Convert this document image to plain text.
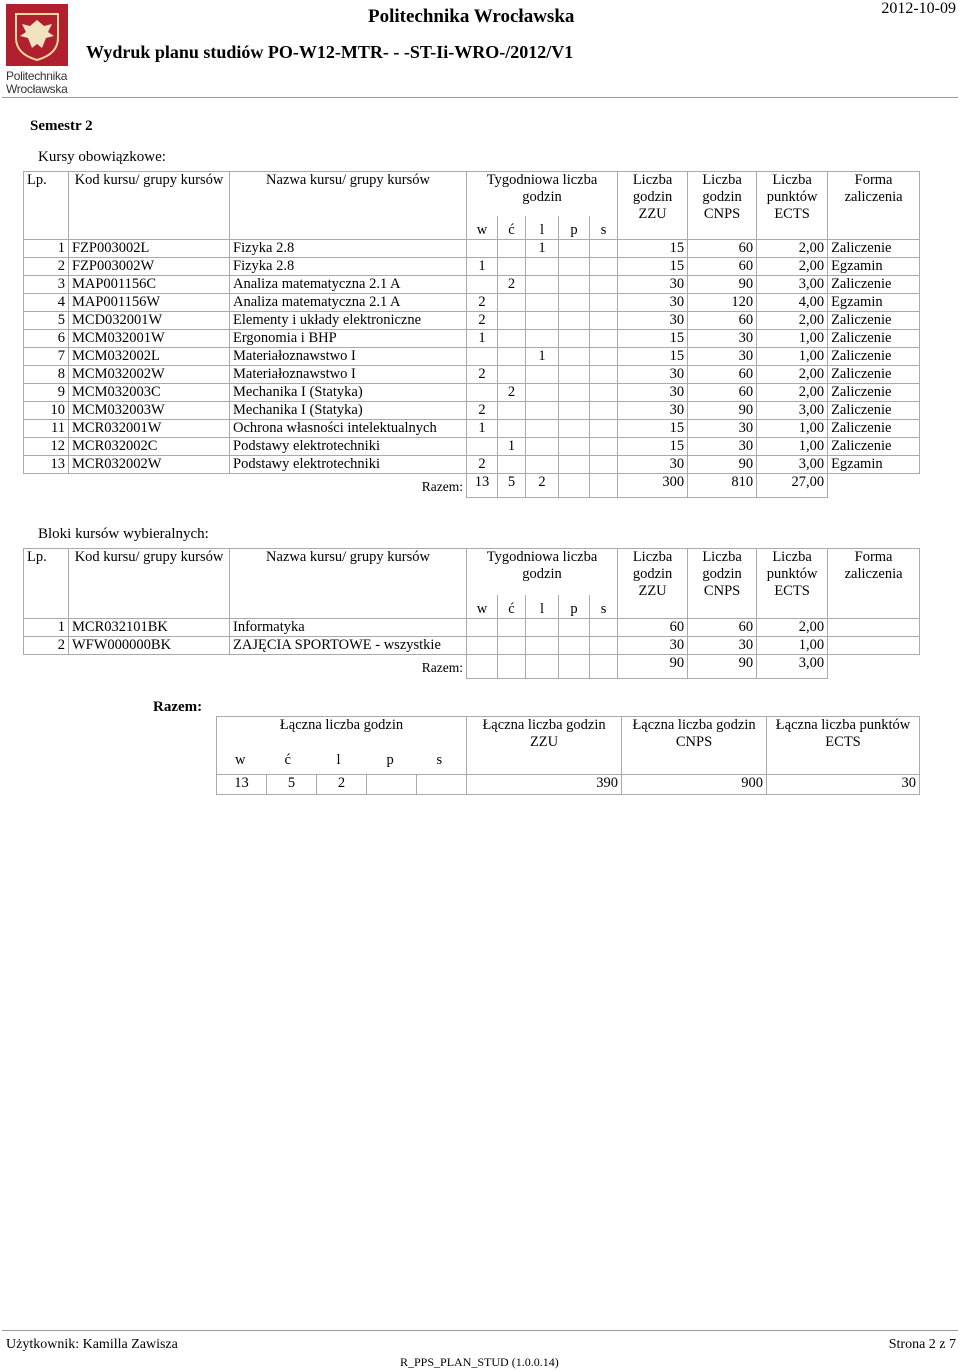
Politechnika
Wrocławska
Politechnika Wrocławska	2012-10-09
Wydruk planu studiów PO-W12-MTR- - -ST-Ii-WRO-/2012/V1
Semestr 2
Kursy obowiązkowe:
Lp.	Kod kursu/ grupy kursów	Nazwa kursu/ grupy kursów	Tygodniowa liczba godzin					Liczba godzin ZZU	Liczba godzin CNPS	Liczba punktów ECTS	Forma zaliczenia
			w	ć	l	p	s				
1	FZP003002L	Fizyka 2.8			1			15	60	2,00	Zaliczenie
2	FZP003002W	Fizyka 2.8	1					15	60	2,00	Egzamin
3	MAP001156C	Analiza matematyczna 2.1 A		2				30	90	3,00	Zaliczenie
4	MAP001156W	Analiza matematyczna 2.1 A	2					30	120	4,00	Egzamin
5	MCD032001W	Elementy i układy elektroniczne	2					30	60	2,00	Zaliczenie
6	MCM032001W	Ergonomia i BHP	1					15	30	1,00	Zaliczenie
7	MCM032002L	Materiałoznawstwo I			1			15	30	1,00	Zaliczenie
8	MCM032002W	Materiałoznawstwo I	2					30	60	2,00	Zaliczenie
9	MCM032003C	Mechanika I (Statyka)		2				30	60	2,00	Zaliczenie
10	MCM032003W	Mechanika I (Statyka)	2					30	90	3,00	Zaliczenie
11	MCR032001W	Ochrona własności intelektualnych	1					15	30	1,00	Zaliczenie
12	MCR032002C	Podstawy elektrotechniki		1				15	30	1,00	Zaliczenie
13	MCR032002W	Podstawy elektrotechniki	2					30	90	3,00	Egzamin
Razem:			13	5	2			300	810	27,00	
Bloki kursów wybieralnych:
Lp.	Kod kursu/ grupy kursów	Nazwa kursu/ grupy kursów	Tygodniowa liczba godzin					Liczba godzin ZZU	Liczba godzin CNPS	Liczba punktów ECTS	Forma zaliczenia
			w	ć	l	p	s				
1	MCR032101BK	Informatyka						60	60	2,00	
2	WFW000000BK	ZAJĘCIA SPORTOWE - wszystkie						30	30	1,00	
Razem:								90	90	3,00	
Razem:
Łączna liczba godzin					Łączna liczba godzin ZZU	Łączna liczba godzin CNPS	Łączna liczba punktów ECTS
w	ć	l	p	s			
13	5	2			390	900	30
Użytkownik: Kamilla Zawisza	Strona 2 z 7
R_PPS_PLAN_STUD (1.0.0.14)
